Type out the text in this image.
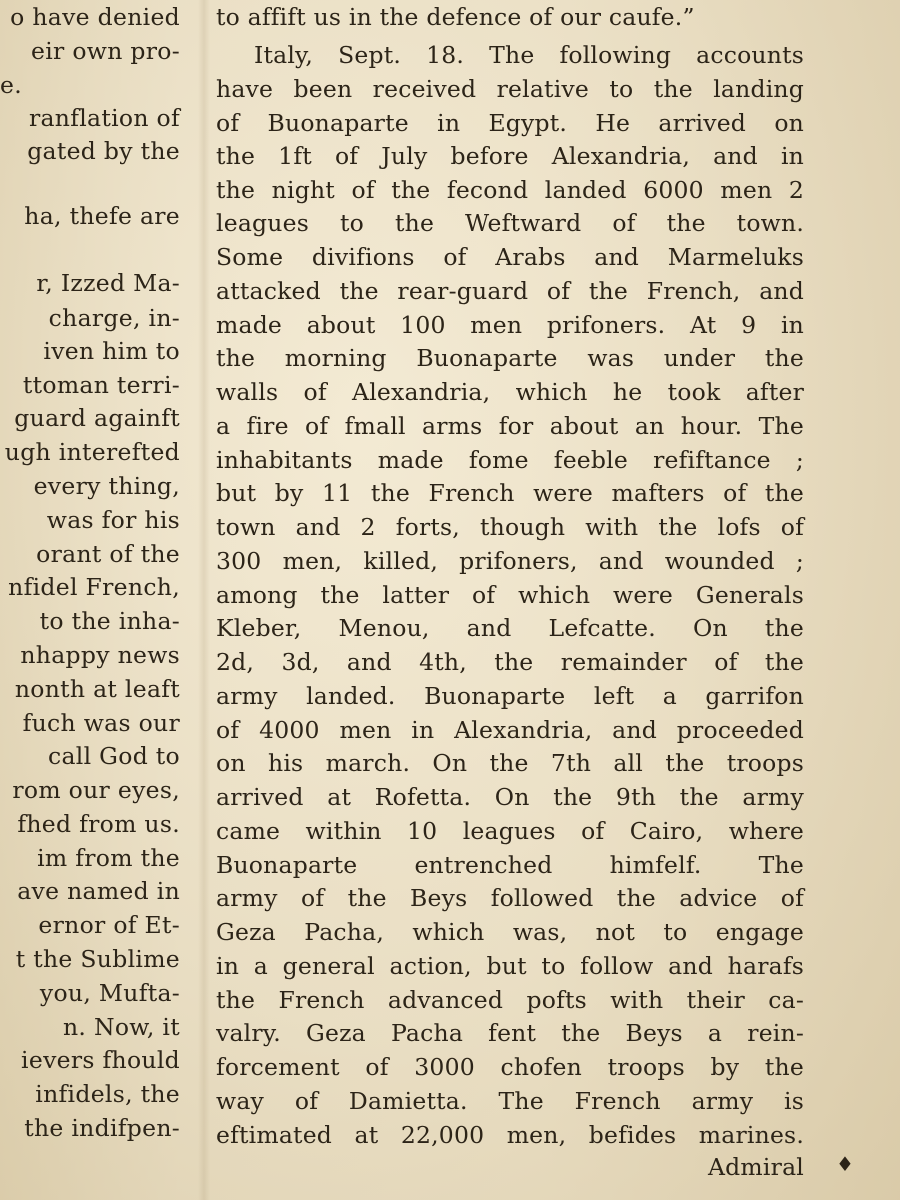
o have denied
eir own pro-
e.
ranflation of
gated by the
ha, thefe are
r, Izzed Ma-
charge, in-
iven him to
ttoman terri-
guard againft
ugh interefted
every thing,
was for his
orant of the
nfidel French,
to the inha-
nhappy news
nonth at leaft
fuch was our
call God to
rom our eyes,
fhed from us.
im from the
ave named in
ernor of Et-
t the Sublime
you, Mufta-
n. Now, it
ievers fhould
infidels, the
the indifpen-
to affift us in the defence of our caufe.”
Italy, Sept. 18. The following accounts
have been received relative to the landing
of Buonaparte in Egypt. He arrived on
the 1ft of July before Alexandria, and in
the night of the fecond landed 6000 men 2
leagues to the Weftward of the town.
Some divifions of Arabs and Marmeluks
attacked the rear-guard of the French, and
made about 100 men prifoners. At 9 in
the morning Buonaparte was under the
walls of Alexandria, which he took after
a fire of fmall arms for about an hour. The
inhabitants made fome feeble refiftance ;
but by 11 the French were mafters of the
town and 2 forts, though with the lofs of
300 men, killed, prifoners, and wounded ;
among the latter of which were Generals
Kleber, Menou, and Lefcatte. On the
2d, 3d, and 4th, the remainder of the
army landed. Buonaparte left a garrifon
of 4000 men in Alexandria, and proceeded
on his march. On the 7th all the troops
arrived at Rofetta. On the 9th the army
came within 10 leagues of Cairo, where
Buonaparte entrenched himfelf. The
army of the Beys followed the advice of
Geza Pacha, which was, not to engage
in a general action, but to follow and harafs
the French advanced pofts with their ca-
valry. Geza Pacha fent the Beys a rein-
forcement of 3000 chofen troops by the
way of Damietta. The French army is
eftimated at 22,000 men, befides marines.
Admiral ♦
